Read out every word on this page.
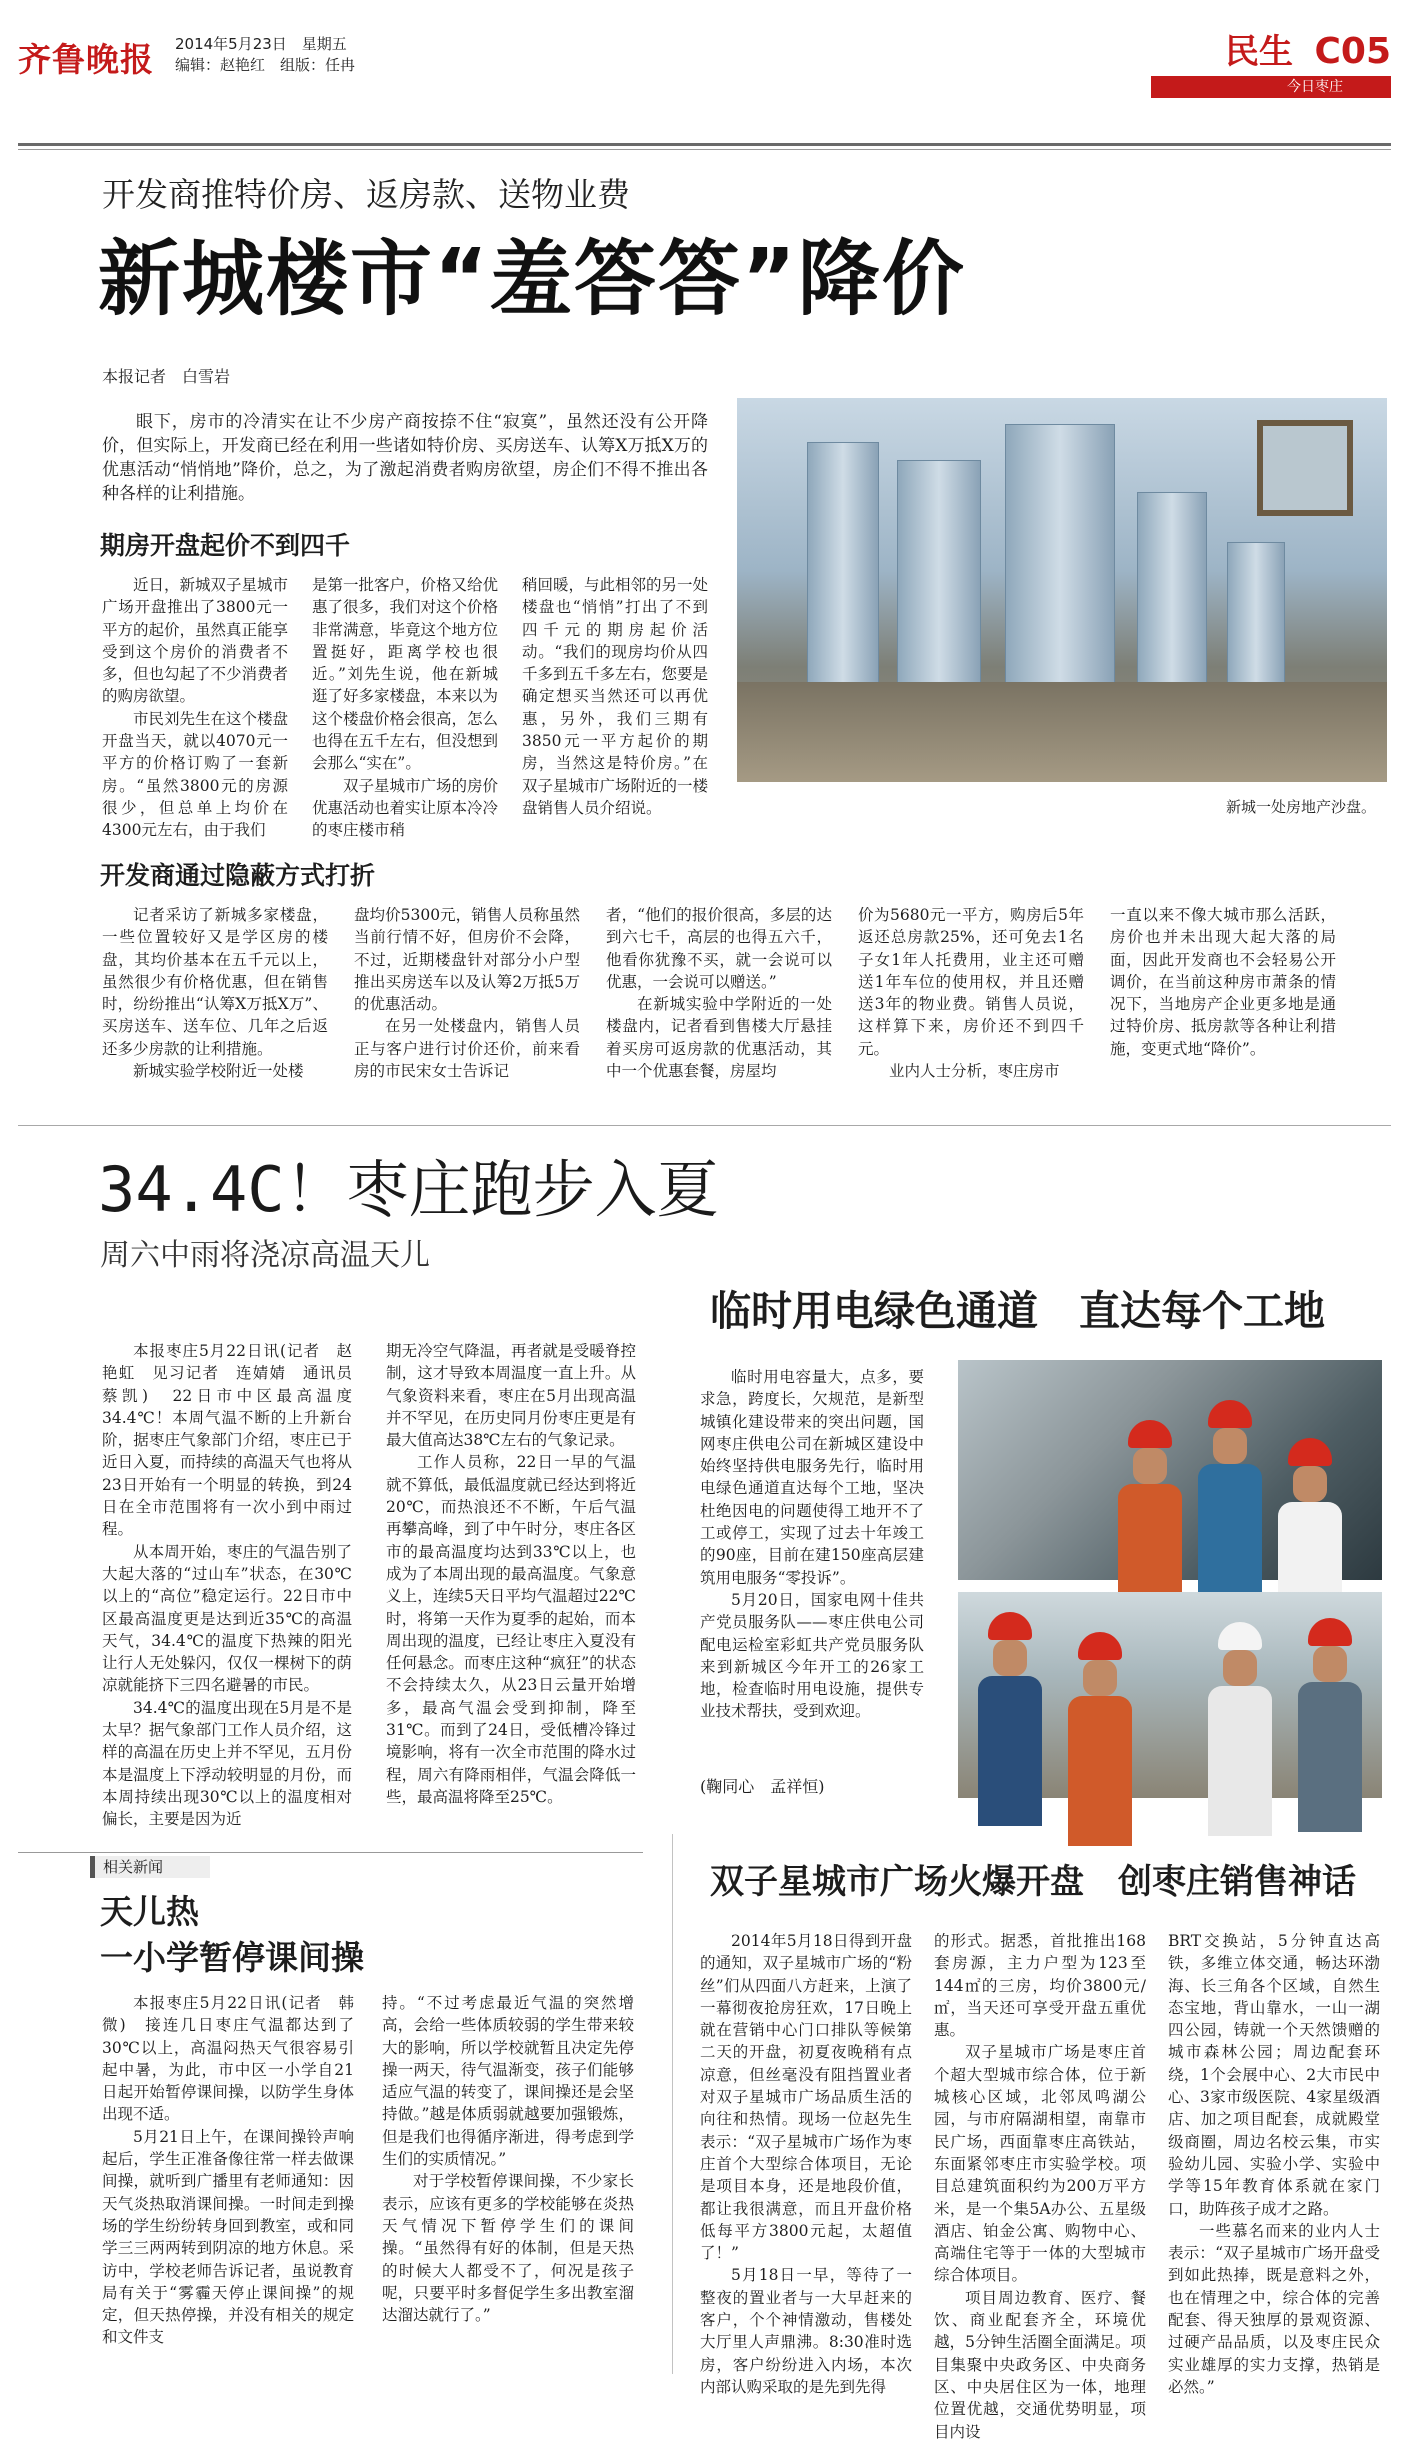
齐鲁晚报 2014年5月23日　星期五
编辑：赵艳红　组版：任冉	民生 C05
今日枣庄
开发商推特价房、返房款、送物业费
新城楼市“羞答答”降价
本报记者　白雪岩

眼下，房市的冷清实在让不少房产商按捺不住“寂寞”，虽然还没有公开降价，但实际上，开发商已经在利用一些诸如特价房、买房送车、认筹X万抵X万的优惠活动“悄悄地”降价，总之，为了激起消费者购房欲望，房企们不得不推出各种各样的让利措施。

新城一处房地产沙盘。
期房开盘起价不到四千

近日，新城双子星城市广场开盘推出了3800元一平方的起价，虽然真正能享受到这个房价的消费者不多，但也勾起了不少消费者的购房欲望。

市民刘先生在这个楼盘开盘当天，就以4070元一平方的价格订购了一套新房。“虽然3800元的房源很少，但总单上均价在4300元左右，由于我们

是第一批客户，价格又给优惠了很多，我们对这个价格非常满意，毕竟这个地方位置挺好，距离学校也很近。”刘先生说，他在新城逛了好多家楼盘，本来以为这个楼盘价格会很高，怎么也得在五千左右，但没想到会那么“实在”。

双子星城市广场的房价优惠活动也着实让原本冷冷的枣庄楼市稍

稍回暖，与此相邻的另一处楼盘也“悄悄”打出了不到四千元的期房起价活动。“我们的现房均价从四千多到五千多左右，您要是确定想买当然还可以再优惠，另外，我们三期有3850元一平方起价的期房，当然这是特价房。”在双子星城市广场附近的一楼盘销售人员介绍说。

开发商通过隐蔽方式打折

记者采访了新城多家楼盘，一些位置较好又是学区房的楼盘，其均价基本在五千元以上，虽然很少有价格优惠，但在销售时，纷纷推出“认筹X万抵X万”、买房送车、送车位、几年之后返还多少房款的让利措施。

新城实验学校附近一处楼

盘均价5300元，销售人员称虽然当前行情不好，但房价不会降，不过，近期楼盘针对部分小户型推出买房送车以及认筹2万抵5万的优惠活动。

在另一处楼盘内，销售人员正与客户进行讨价还价，前来看房的市民宋女士告诉记

者，“他们的报价很高，多层的达到六七千，高层的也得五六千，他看你犹豫不买，就一会说可以优惠，一会说可以赠送。”

在新城实验中学附近的一处楼盘内，记者看到售楼大厅悬挂着买房可返房款的优惠活动，其中一个优惠套餐，房屋均

价为5680元一平方，购房后5年返还总房款25%，还可免去1名子女1年人托费用，业主还可赠送1年车位的使用权，并且还赠送3年的物业费。销售人员说，这样算下来，房价还不到四千元。

业内人士分析，枣庄房市

一直以来不像大城市那么活跃，房价也并未出现大起大落的局面，因此开发商也不会轻易公开调价，在当前这种房市萧条的情况下，当地房产企业更多地是通过特价房、抵房款等各种让利措施，变更式地“降价”。

34.4C！枣庄跑步入夏
周六中雨将浇凉高温天儿

本报枣庄5月22日讯(记者　赵艳虹　见习记者　连婧婧　通讯员　蔡凯)　22日市中区最高温度34.4℃！本周气温不断的上升新台阶，据枣庄气象部门介绍，枣庄已于近日入夏，而持续的高温天气也将从23日开始有一个明显的转换，到24日在全市范围将有一次小到中雨过程。

从本周开始，枣庄的气温告别了大起大落的“过山车”状态，在30℃以上的“高位”稳定运行。22日市中区最高温度更是达到近35℃的高温天气，34.4℃的温度下热辣的阳光让行人无处躲闪，仅仅一棵树下的荫凉就能挤下三四名避暑的市民。

34.4℃的温度出现在5月是不是太早？据气象部门工作人员介绍，这样的高温在历史上并不罕见，五月份本是温度上下浮动较明显的月份，而本周持续出现30℃以上的温度相对偏长，主要是因为近

期无冷空气降温，再者就是受暖脊控制，这才导致本周温度一直上升。从气象资料来看，枣庄在5月出现高温并不罕见，在历史同月份枣庄更是有最大值高达38℃左右的气象记录。

工作人员称，22日一早的气温就不算低，最低温度就已经达到将近20℃，而热浪还不不断，午后气温再攀高峰，到了中午时分，枣庄各区市的最高温度均达到33℃以上，也成为了本周出现的最高温度。气象意义上，连续5天日平均气温超过22℃时，将第一天作为夏季的起始，而本周出现的温度，已经让枣庄入夏没有任何悬念。而枣庄这种“疯狂”的状态不会持续太久，从23日云量开始增多，最高气温会受到抑制，降至31℃。而到了24日，受低槽冷锋过境影响，将有一次全市范围的降水过程，周六有降雨相伴，气温会降低一些，最高温将降至25℃。

临时用电绿色通道　直达每个工地

临时用电容量大，点多，要求急，跨度长，欠规范，是新型城镇化建设带来的突出问题，国网枣庄供电公司在新城区建设中始终坚持供电服务先行，临时用电绿色通道直达每个工地，坚决杜绝因电的问题使得工地开不了工或停工，实现了过去十年竣工的90座，目前在建150座高层建筑用电服务“零投诉”。

5月20日，国家电网十佳共产党员服务队——枣庄供电公司配电运检室彩虹共产党员服务队来到新城区今年开工的26家工地，检查临时用电设施，提供专业技术帮扶，受到欢迎。

(鞠同心　孟祥恒)
相关新闻
天儿热
一小学暂停课间操

本报枣庄5月22日讯(记者　韩微)　接连几日枣庄气温都达到了30℃以上，高温闷热天气很容易引起中暑，为此，市中区一小学自21日起开始暂停课间操，以防学生身体出现不适。

5月21日上午，在课间操铃声响起后，学生正准备像往常一样去做课间操，就听到广播里有老师通知：因天气炎热取消课间操。一时间走到操场的学生纷纷转身回到教室，或和同学三三两两转到阴凉的地方休息。采访中，学校老师告诉记者，虽说教育局有关于“雾霾天停止课间操”的规定，但天热停操，并没有相关的规定和文件支

持。“不过考虑最近气温的突然增高，会给一些体质较弱的学生带来较大的影响，所以学校就暂且决定先停操一两天，待气温渐变，孩子们能够适应气温的转变了，课间操还是会坚持做。”越是体质弱就越要加强锻炼，但是我们也得循序渐进，得考虑到学生们的实质情况。”

对于学校暂停课间操，不少家长表示，应该有更多的学校能够在炎热天气情况下暂停学生们的课间操。“虽然得有好的体制，但是天热的时候大人都受不了，何况是孩子呢，只要平时多督促学生多出教室溜达溜达就行了。”

双子星城市广场火爆开盘　创枣庄销售神话

2014年5月18日得到开盘的通知，双子星城市广场的“粉丝”们从四面八方赶来，上演了一幕彻夜抢房狂欢，17日晚上就在营销中心门口排队等候第二天的开盘，初夏夜晚稍有点凉意，但丝毫没有阻挡置业者对双子星城市广场品质生活的向往和热情。现场一位赵先生表示：“双子星城市广场作为枣庄首个大型综合体项目，无论是项目本身，还是地段价值，都让我很满意，而且开盘价格低每平方3800元起，太超值了！”

5月18日一早，等待了一整夜的置业者与一大早赶来的客户，个个神情激动，售楼处大厅里人声鼎沸。8:30准时选房，客户纷纷进入内场，本次内部认购采取的是先到先得

的形式。据悉，首批推出168套房源，主力户型为123至144㎡的三房，均价3800元/㎡，当天还可享受开盘五重优惠。

双子星城市广场是枣庄首个超大型城市综合体，位于新城核心区域，北邻凤鸣湖公园，与市府隔湖相望，南靠市民广场，西面靠枣庄高铁站，东面紧邻枣庄市实验学校。项目总建筑面积约为200万平方米，是一个集5A办公、五星级酒店、铂金公寓、购物中心、高端住宅等于一体的大型城市综合体项目。

项目周边教育、医疗、餐饮、商业配套齐全，环境优越，5分钟生活圈全面满足。项目集聚中央政务区、中央商务区、中央居住区为一体，地理位置优越，交通优势明显，项目内设

BRT交换站，5分钟直达高铁，多维立体交通，畅达环渤海、长三角各个区域，自然生态宝地，背山靠水，一山一湖四公园，铸就一个天然馈赠的城市森林公园；周边配套环绕，1个会展中心、2大市民中心、3家市级医院、4家星级酒店、加之项目配套，成就殿堂级商圈，周边名校云集，市实验幼儿园、实验小学、实验中学等15年教育体系就在家门口，助阵孩子成才之路。

一些慕名而来的业内人士表示：“双子星城市广场开盘受到如此热捧，既是意料之外，也在情理之中，综合体的完善配套、得天独厚的景观资源、过硬产品品质，以及枣庄民众实业雄厚的实力支撑，热销是必然。”
